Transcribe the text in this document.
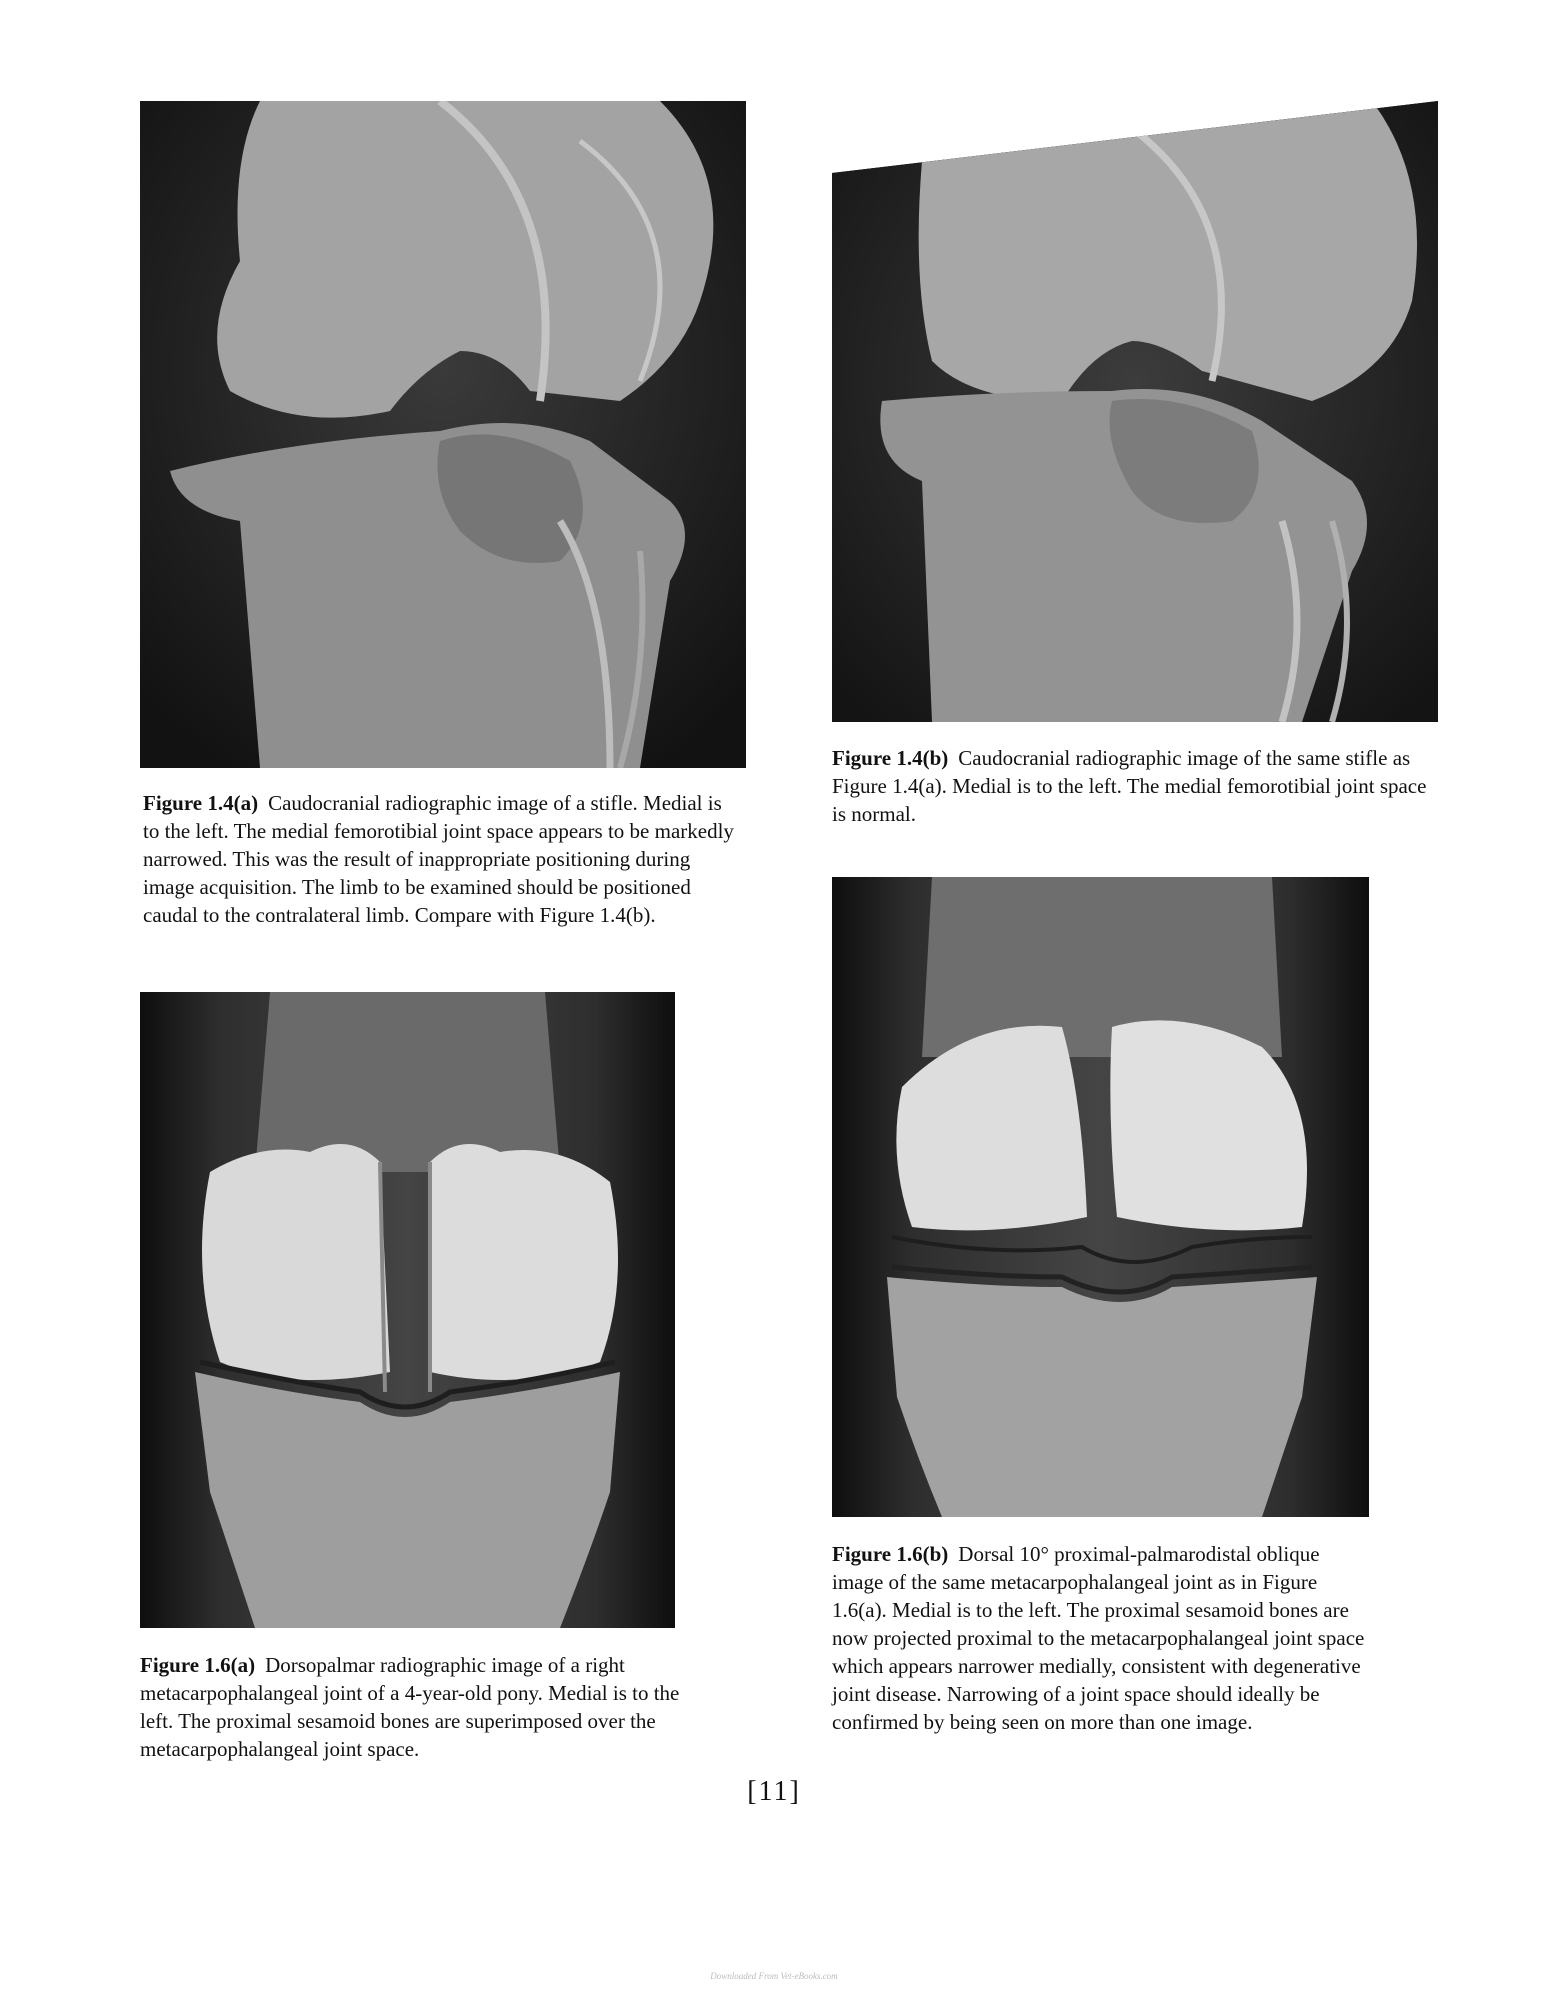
Figure 1.4(a) Caudocranial radiographic image of a stifle. Medial is to the left. The medial femorotibial joint space appears to be markedly narrowed. This was the result of inappropriate positioning during image acquisition. The limb to be examined should be positioned caudal to the contralateral limb. Compare with Figure 1.4(b).

Figure 1.4(b) Caudocranial radiographic image of the same stifle as Figure 1.4(a). Medial is to the left. The medial femorotibial joint space is normal.

Figure 1.6(a) Dorsopalmar radiographic image of a right metacarpophalangeal joint of a 4-year-old pony. Medial is to the left. The proximal sesamoid bones are superimposed over the metacarpophalangeal joint space.

Figure 1.6(b) Dorsal 10° proximal-palmarodistal oblique image of the same metacarpophalangeal joint as in Figure 1.6(a). Medial is to the left. The proximal sesamoid bones are now projected proximal to the metacarpophalangeal joint space which appears narrower medially, consistent with degenerative joint disease. Narrowing of a joint space should ideally be confirmed by being seen on more than one image.

[11]
Downloaded From Vet-eBooks.com
